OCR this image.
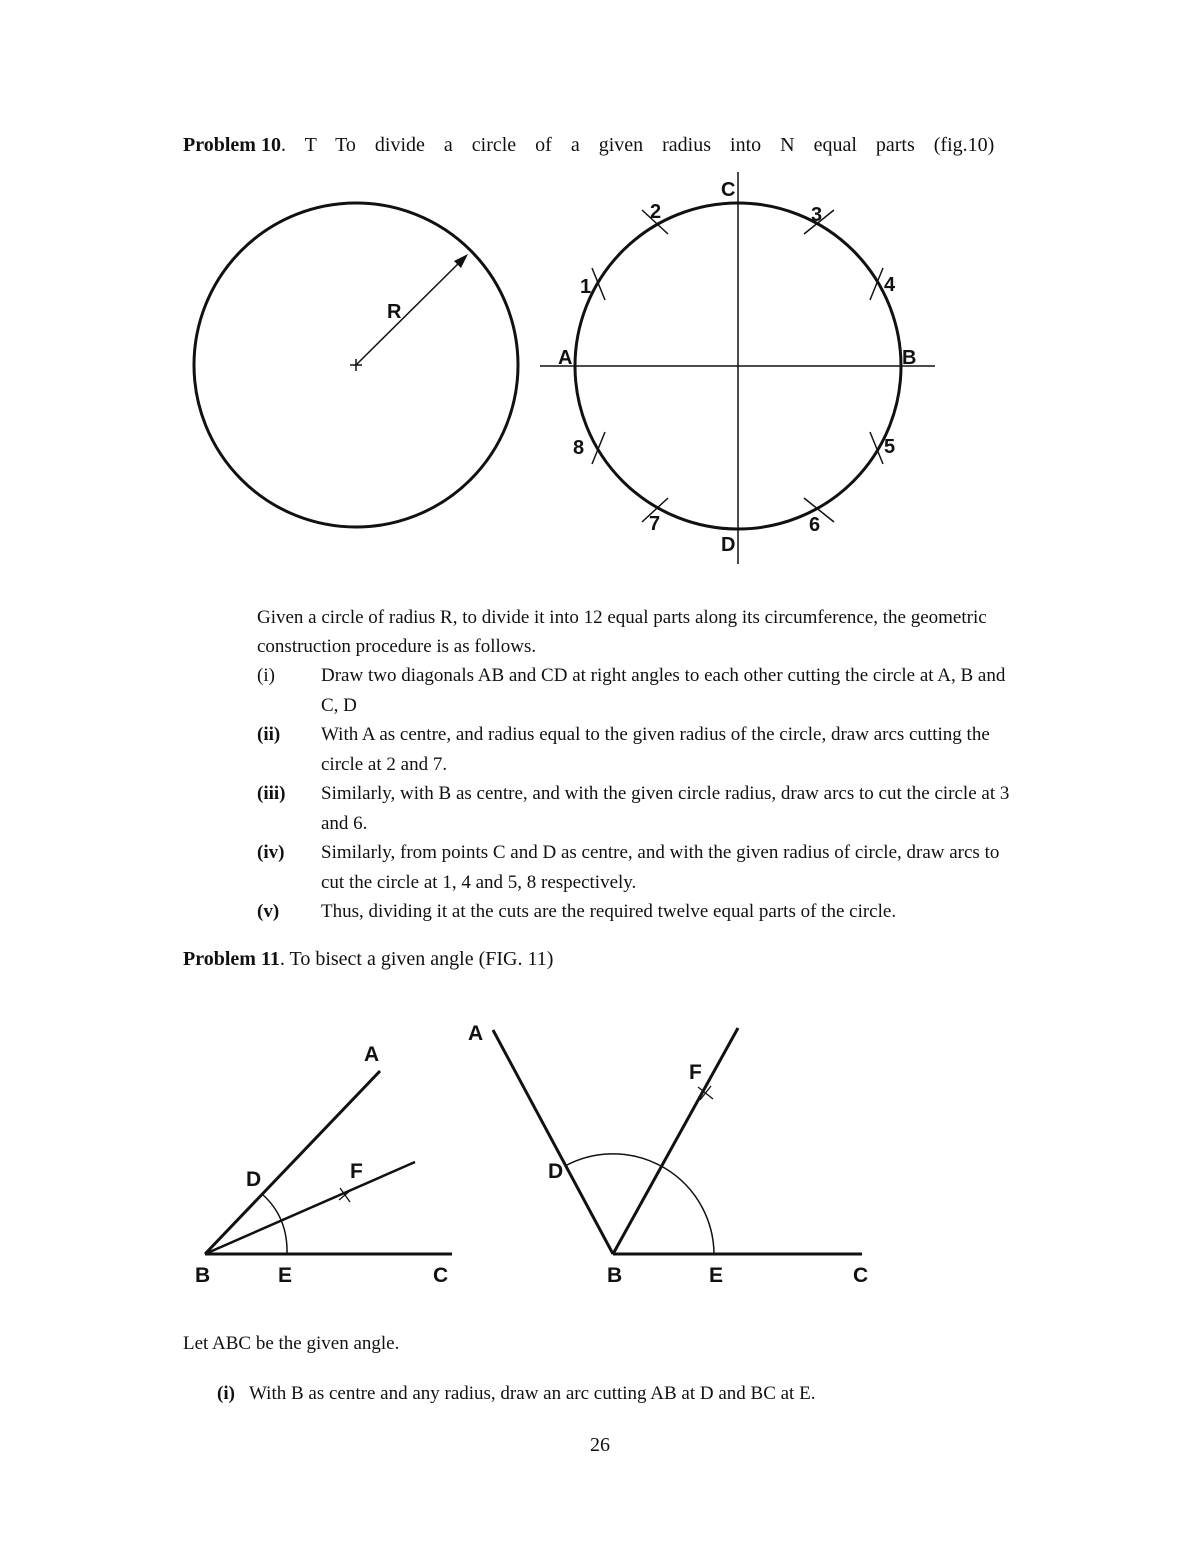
Problem 10. T To divide a circle of a given radius into N equal parts (fig.10)
R
C
D
A	B
2	3
1	4
8	5
7	6
Given a circle of radius R, to divide it into 12 equal parts along its circumference, the geometric construction procedure is as follows.
(i) Draw two diagonals AB and CD at right angles to each other cutting the circle at A, B and C, D
(ii) With A as centre, and radius equal to the given radius of the circle, draw arcs cutting the circle at 2 and 7.
(iii) Similarly, with B as centre, and with the given circle radius, draw arcs to cut the circle at 3 and 6.
(iv) Similarly, from points C and D as centre, and with the given radius of circle, draw arcs to cut the circle at 1, 4 and 5, 8 respectively.
(v) Thus, dividing it at the cuts are the required twelve equal parts of the circle.
Problem 11. To bisect a given angle (FIG. 11)
A
D	F
B	E	C
A
D
F
B	E	C
Let ABC be the given angle.
(i) With B as centre and any radius, draw an arc cutting AB at D and BC at E.
26
